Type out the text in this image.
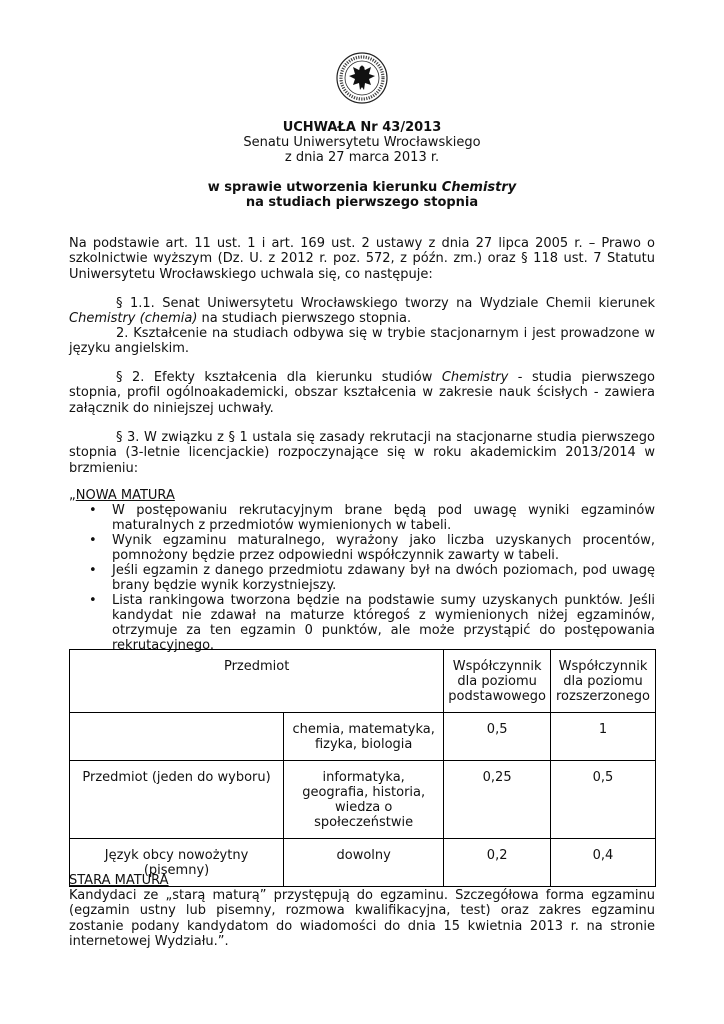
UCHWAŁA Nr 43/2013
Senatu Uniwersytetu Wrocławskiego
z dnia 27 marca 2013 r.
w sprawie utworzenia kierunku Chemistry
na studiach pierwszego stopnia
Na podstawie art. 11 ust. 1 i art. 169 ust. 2 ustawy z dnia 27 lipca 2005 r. – Prawo o szkolnictwie wyższym (Dz. U. z 2012 r. poz. 572, z późn. zm.) oraz § 118 ust. 7 Statutu Uniwersytetu Wrocławskiego uchwala się, co następuje:
§ 1.1. Senat Uniwersytetu Wrocławskiego tworzy na Wydziale Chemii kierunek Chemistry (chemia) na studiach pierwszego stopnia.
2. Kształcenie na studiach odbywa się w trybie stacjonarnym i jest prowadzone w języku angielskim.
§ 2. Efekty kształcenia dla kierunku studiów Chemistry - studia pierwszego stopnia, profil ogólnoakademicki, obszar kształcenia w zakresie nauk ścisłych - zawiera załącznik do niniejszej uchwały.
§ 3. W związku z § 1 ustala się zasady rekrutacji na stacjonarne studia pierwszego stopnia (3-letnie licencjackie) rozpoczynające się w roku akademickim 2013/2014 w brzmieniu:
„NOWA MATURA
• W postępowaniu rekrutacyjnym brane będą pod uwagę wyniki egzaminów maturalnych z przedmiotów wymienionych w tabeli.
• Wynik egzaminu maturalnego, wyrażony jako liczba uzyskanych procentów, pomnożony będzie przez odpowiedni współczynnik zawarty w tabeli.
• Jeśli egzamin z danego przedmiotu zdawany był na dwóch poziomach, pod uwagę brany będzie wynik korzystniejszy.
• Lista rankingowa tworzona będzie na podstawie sumy uzyskanych punktów. Jeśli kandydat nie zdawał na maturze któregoś z wymienionych niżej egzaminów, otrzymuje za ten egzamin 0 punktów, ale może przystąpić do postępowania rekrutacyjnego.
Przedmiot		Współczynnik dla poziomu podstawowego	Współczynnik dla poziomu rozszerzonego
	chemia, matematyka, fizyka, biologia	0,5	1
Przedmiot (jeden do wyboru)	informatyka, geografia, historia, wiedza o społeczeństwie	0,25	0,5
Język obcy nowożytny (pisemny)	dowolny	0,2	0,4
STARA MATURA
Kandydaci ze „starą maturą” przystępują do egzaminu. Szczegółowa forma egzaminu (egzamin ustny lub pisemny, rozmowa kwalifikacyjna, test) oraz zakres egzaminu zostanie podany kandydatom do wiadomości do dnia 15 kwietnia 2013 r. na stronie internetowej Wydziału.”.
